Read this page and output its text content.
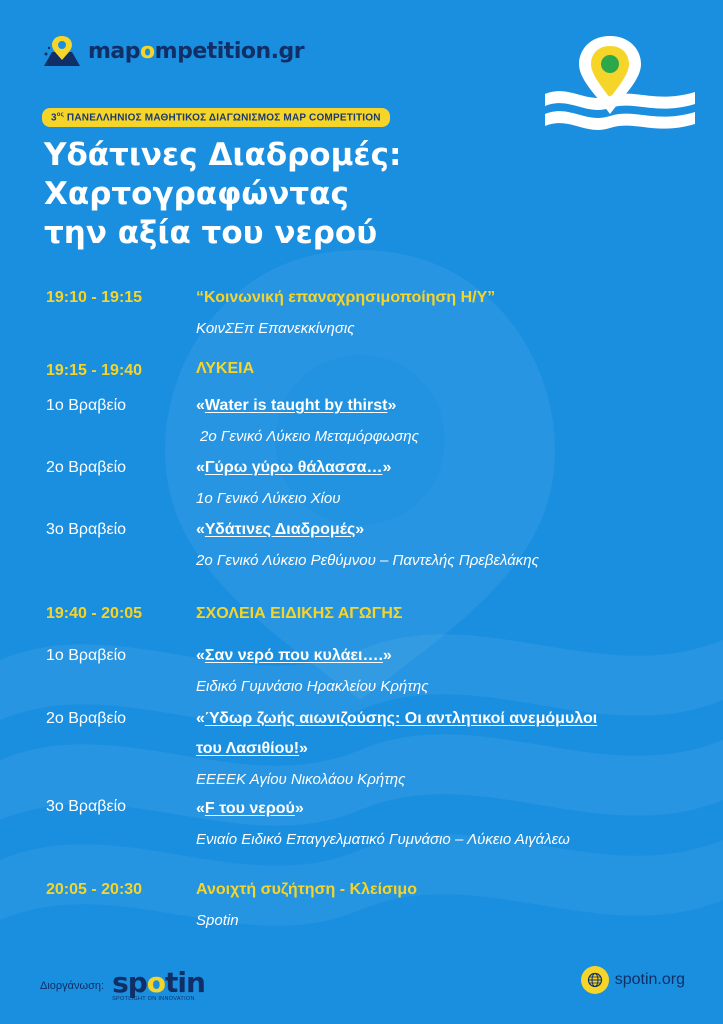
mapompetition.gr
$3^{o\varsigma}$ ΠΑΝΕΛΛΗΝΙΟΣ ΜΑΘΗΤΙΚΟΣ ΔΙΑΓΩΝΙΣΜΟΣ MAP COMPETITION
Υδάτινες Διαδρομές:
Χαρτογραφώντας
την αξία του νερού
19:10 - 19:15	“Κοινωνική επαναχρησιμοποίηση Η/Υ”
ΚοινΣΕπ Επανεκκίνησις
19:15 - 19:40	ΛΥΚΕΙΑ
1ο Βραβείο	«Water is taught by thirst»
2ο Γενικό Λύκειο Μεταμόρφωσης
2ο Βραβείο	«Γύρω γύρω θάλασσα…»
1ο Γενικό Λύκειο Χίου
3ο Βραβείο	«Υδάτινες Διαδρομές»
2ο Γενικό Λύκειο Ρεθύμνου – Παντελής Πρεβελάκης
19:40 - 20:05	ΣΧΟΛΕΙΑ ΕΙΔΙΚΗΣ ΑΓΩΓΗΣ
1ο Βραβείο	«Σαν νερό που κυλάει….»
Ειδικό Γυμνάσιο Ηρακλείου Κρήτης
2ο Βραβείο	«Ύδωρ ζωής αιωνιζούσης: Οι αντλητικοί ανεμόμυλοι
του Λασιθίου!»
ΕΕΕΕΚ Αγίου Νικολάου Κρήτης
3ο Βραβείο	«F του νερού»
Ενιαίο Ειδικό Επαγγελματικό Γυμνάσιο – Λύκειο Αιγάλεω
20:05 - 20:30	Ανοιχτή συζήτηση - Κλείσιμο
Spotin
Διοργάνωση: spotin
SPOTLIGHT ON INNOVATION
spotin.org
